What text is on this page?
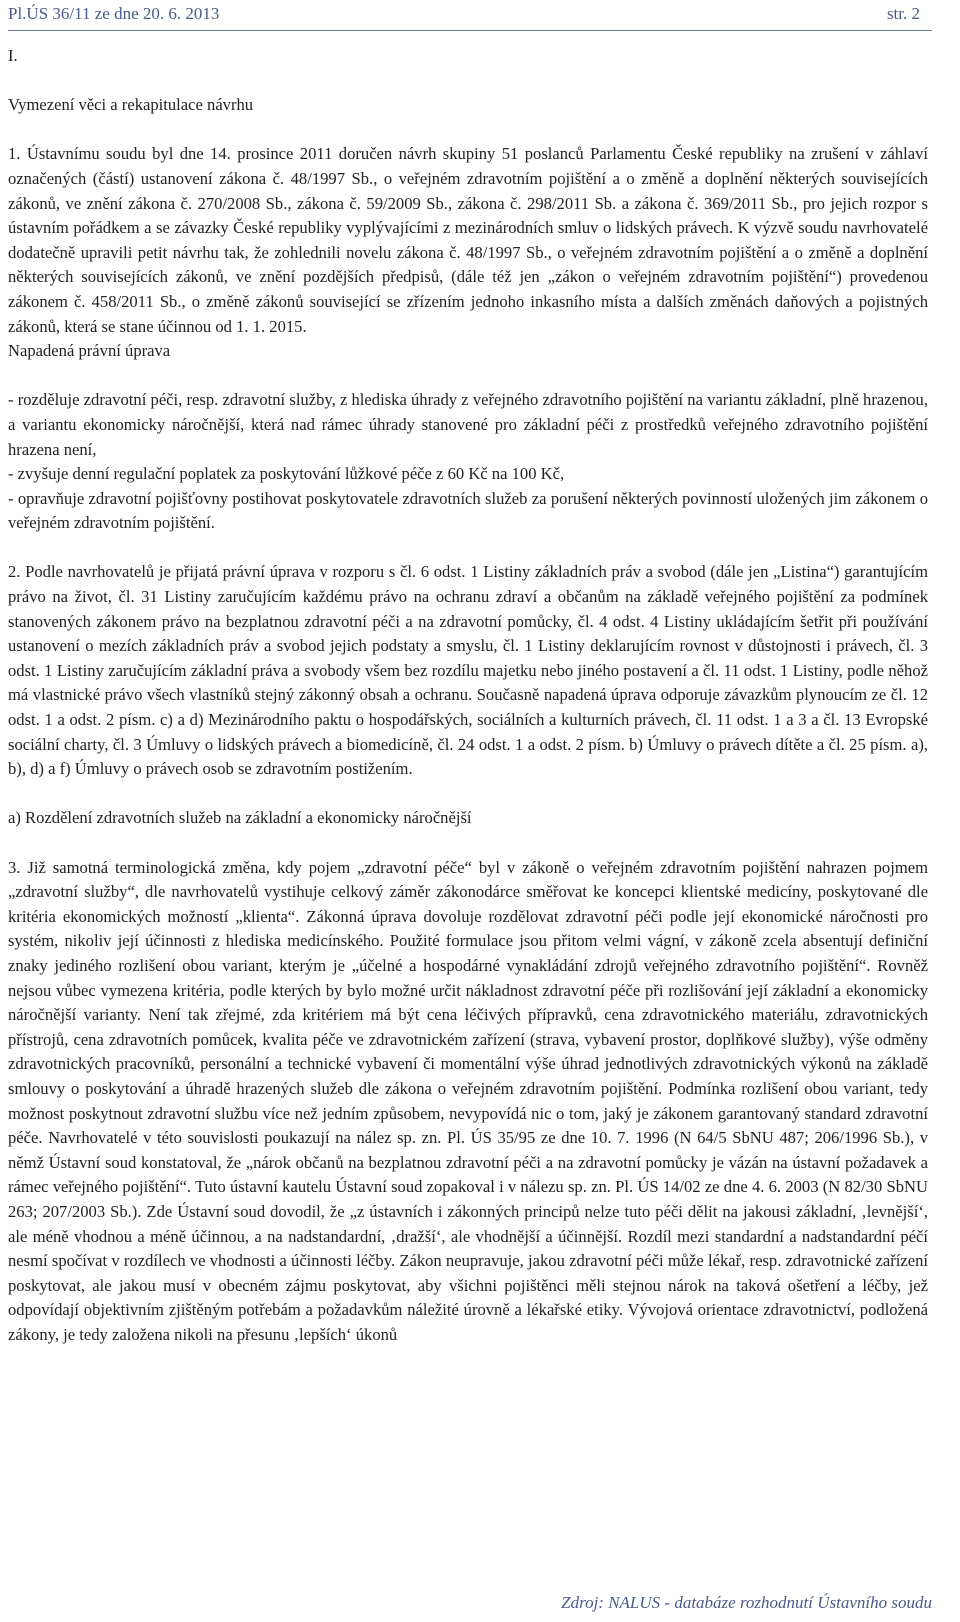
Pl.ÚS 36/11 ze dne 20. 6. 2013	str. 2

I.

Vymezení věci a rekapitulace návrhu

1. Ústavnímu soudu byl dne 14. prosince 2011 doručen návrh skupiny 51 poslanců Parlamentu České republiky na zrušení v záhlaví označených (částí) ustanovení zákona č. 48/1997 Sb., o veřejném zdravotním pojištění a o změně a doplnění některých souvisejících zákonů, ve znění zákona č. 270/2008 Sb., zákona č. 59/2009 Sb., zákona č. 298/2011 Sb. a zákona č. 369/2011 Sb., pro jejich rozpor s ústavním pořádkem a se závazky České republiky vyplývajícími z mezinárodních smluv o lidských právech. K výzvě soudu navrhovatelé dodatečně upravili petit návrhu tak, že zohlednili novelu zákona č. 48/1997 Sb., o veřejném zdravotním pojištění a o změně a doplnění některých souvisejících zákonů, ve znění pozdějších předpisů, (dále též jen „zákon o veřejném zdravotním pojištění“) provedenou zákonem č. 458/2011 Sb., o změně zákonů související se zřízením jednoho inkasního místa a dalších změnách daňových a pojistných zákonů, která se stane účinnou od 1. 1. 2015.

Napadená právní úprava

- rozděluje zdravotní péči, resp. zdravotní služby, z hlediska úhrady z veřejného zdravotního pojištění na variantu základní, plně hrazenou, a variantu ekonomicky náročnější, která nad rámec úhrady stanovené pro základní péči z prostředků veřejného zdravotního pojištění hrazena není,

- zvyšuje denní regulační poplatek za poskytování lůžkové péče z 60 Kč na 100 Kč,

- opravňuje zdravotní pojišťovny postihovat poskytovatele zdravotních služeb za porušení některých povinností uložených jim zákonem o veřejném zdravotním pojištění.

2. Podle navrhovatelů je přijatá právní úprava v rozporu s čl. 6 odst. 1 Listiny základních práv a svobod (dále jen „Listina“) garantujícím právo na život, čl. 31 Listiny zaručujícím každému právo na ochranu zdraví a občanům na základě veřejného pojištění za podmínek stanovených zákonem právo na bezplatnou zdravotní péči a na zdravotní pomůcky, čl. 4 odst. 4 Listiny ukládajícím šetřit při používání ustanovení o mezích základních práv a svobod jejich podstaty a smyslu, čl. 1 Listiny deklarujícím rovnost v důstojnosti i právech, čl. 3 odst. 1 Listiny zaručujícím základní práva a svobody všem bez rozdílu majetku nebo jiného postavení a čl. 11 odst. 1 Listiny, podle něhož má vlastnické právo všech vlastníků stejný zákonný obsah a ochranu. Současně napadená úprava odporuje závazkům plynoucím ze čl. 12 odst. 1 a odst. 2 písm. c) a d) Mezinárodního paktu o hospodářských, sociálních a kulturních právech, čl. 11 odst. 1 a 3 a čl. 13 Evropské sociální charty, čl. 3 Úmluvy o lidských právech a biomedicíně, čl. 24 odst. 1 a odst. 2 písm. b) Úmluvy o právech dítěte a čl. 25 písm. a), b), d) a f) Úmluvy o právech osob se zdravotním postižením.

a) Rozdělení zdravotních služeb na základní a ekonomicky náročnější

3. Již samotná terminologická změna, kdy pojem „zdravotní péče“ byl v zákoně o veřejném zdravotním pojištění nahrazen pojmem „zdravotní služby“, dle navrhovatelů vystihuje celkový záměr zákonodárce směřovat ke koncepci klientské medicíny, poskytované dle kritéria ekonomických možností „klienta“. Zákonná úprava dovoluje rozdělovat zdravotní péči podle její ekonomické náročnosti pro systém, nikoliv její účinnosti z hlediska medicínského. Použité formulace jsou přitom velmi vágní, v zákoně zcela absentují definiční znaky jediného rozlišení obou variant, kterým je „účelné a hospodárné vynakládání zdrojů veřejného zdravotního pojištění“. Rovněž nejsou vůbec vymezena kritéria, podle kterých by bylo možné určit nákladnost zdravotní péče při rozlišování její základní a ekonomicky náročnější varianty. Není tak zřejmé, zda kritériem má být cena léčivých přípravků, cena zdravotnického materiálu, zdravotnických přístrojů, cena zdravotních pomůcek, kvalita péče ve zdravotnickém zařízení (strava, vybavení prostor, doplňkové služby), výše odměny zdravotnických pracovníků, personální a technické vybavení či momentální výše úhrad jednotlivých zdravotnických výkonů na základě smlouvy o poskytování a úhradě hrazených služeb dle zákona o veřejném zdravotním pojištění. Podmínka rozlišení obou variant, tedy možnost poskytnout zdravotní službu více než jedním způsobem, nevypovídá nic o tom, jaký je zákonem garantovaný standard zdravotní péče. Navrhovatelé v této souvislosti poukazují na nález sp. zn. Pl. ÚS 35/95 ze dne 10. 7. 1996 (N 64/5 SbNU 487; 206/1996 Sb.), v němž Ústavní soud konstatoval, že „nárok občanů na bezplatnou zdravotní péči a na zdravotní pomůcky je vázán na ústavní požadavek a rámec veřejného pojištění“. Tuto ústavní kautelu Ústavní soud zopakoval i v nálezu sp. zn. Pl. ÚS 14/02 ze dne 4. 6. 2003 (N 82/30 SbNU 263; 207/2003 Sb.). Zde Ústavní soud dovodil, že „z ústavních i zákonných principů nelze tuto péči dělit na jakousi základní, ‚levnější‘, ale méně vhodnou a méně účinnou, a na nadstandardní, ‚dražší‘, ale vhodnější a účinnější. Rozdíl mezi standardní a nadstandardní péčí nesmí spočívat v rozdílech ve vhodnosti a účinnosti léčby. Zákon neupravuje, jakou zdravotní péči může lékař, resp. zdravotnické zařízení poskytovat, ale jakou musí v obecném zájmu poskytovat, aby všichni pojištěnci měli stejnou nárok na taková ošetření a léčby, jež odpovídají objektivním zjištěným potřebám a požadavkům náležité úrovně a lékařské etiky. Vývojová orientace zdravotnictví, podložená zákony, je tedy založena nikoli na přesunu ‚lepších‘ úkonů

Zdroj: NALUS - databáze rozhodnutí Ústavního soudu
